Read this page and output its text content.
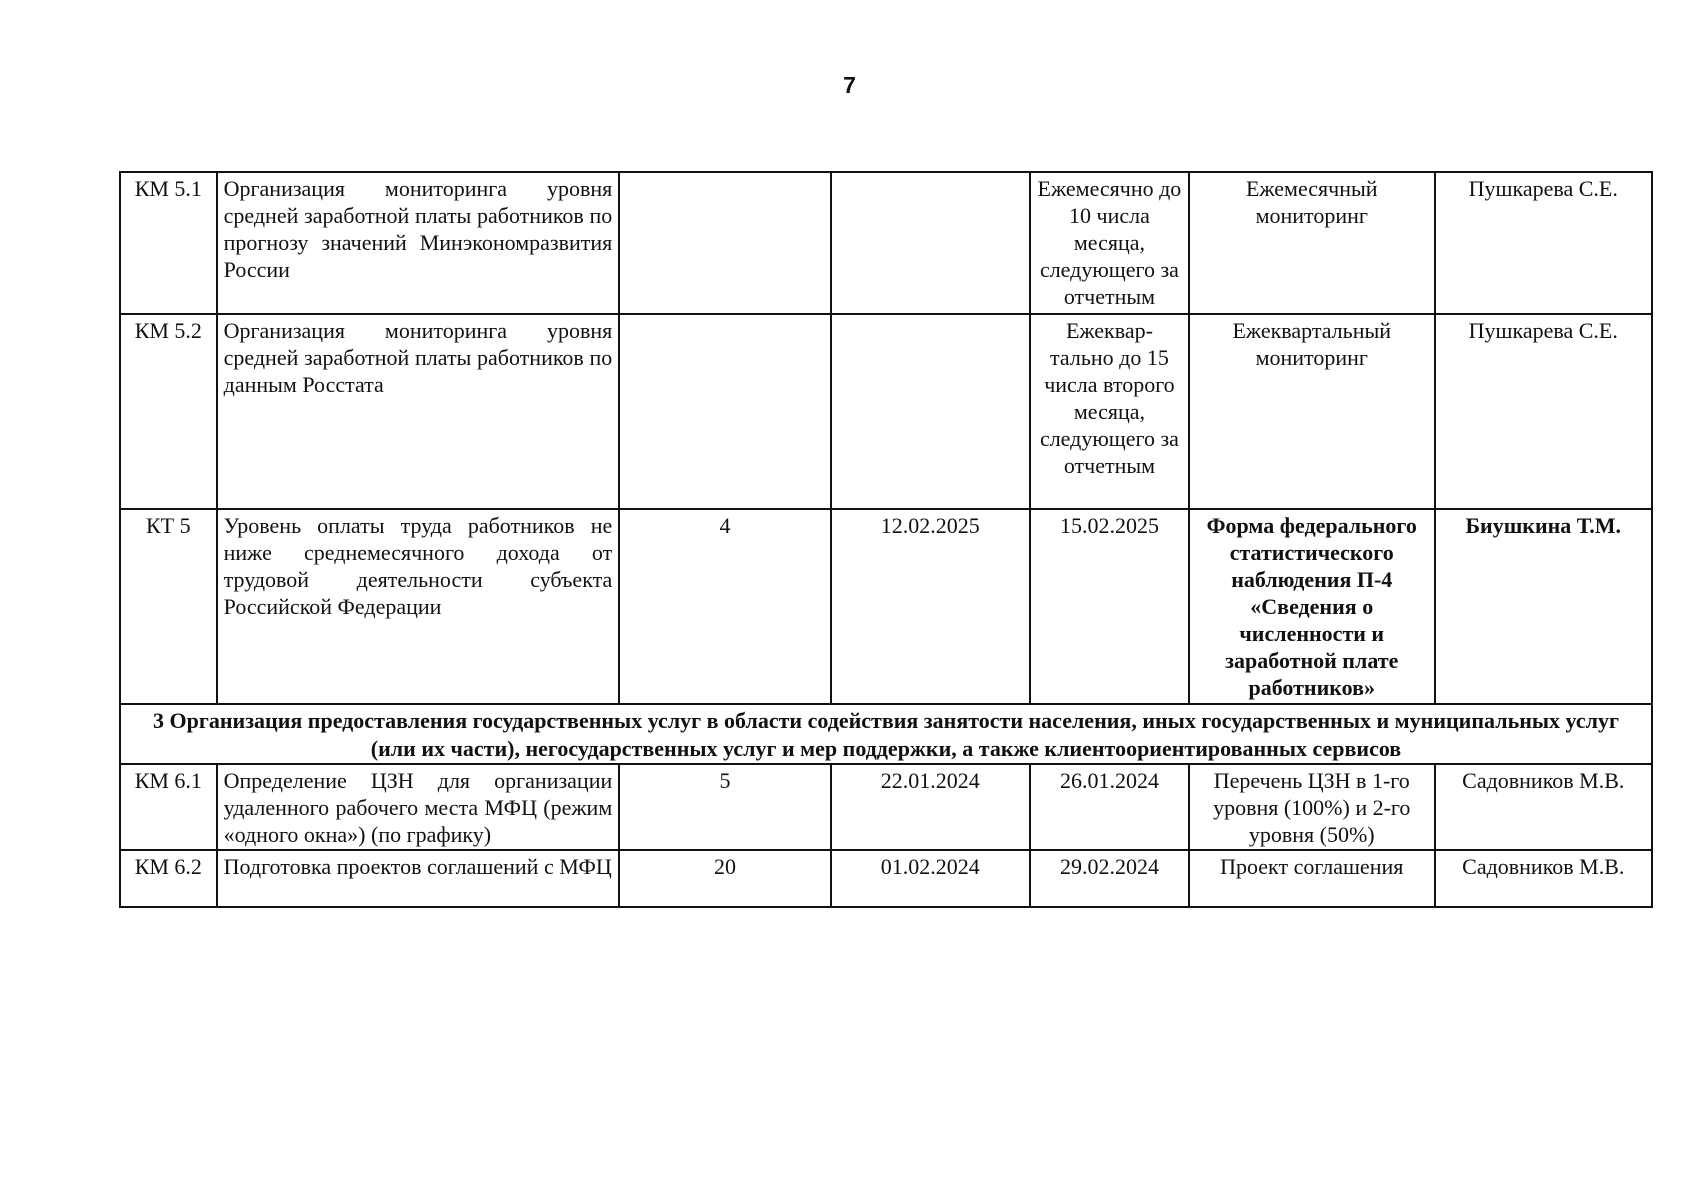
7
КМ 5.1	Организация мониторинга уровня средней заработной платы работников по прогнозу значений Минэкономразвития России			Ежемесячно до 10 числа месяца, следующего за отчетным	Ежемесячный мониторинг	Пушкарева С.Е.
КМ 5.2	Организация мониторинга уровня средней заработной платы работников по данным Росстата			Ежеквар-тально до 15 числа второго месяца, следующего за отчетным	Ежеквартальный мониторинг	Пушкарева С.Е.
КТ 5	Уровень оплаты труда работников не ниже среднемесячного дохода от трудовой деятельности субъекта Российской Федерации	4	12.02.2025	15.02.2025	Форма федерального статистического наблюдения П-4 «Сведения о численности и заработной плате работников»	Биушкина Т.М.
3 Организация предоставления государственных услуг в области содействия занятости населения, иных государственных и муниципальных услуг (или их части), негосударственных услуг и мер поддержки, а также клиентоориентированных сервисов						
КМ 6.1	Определение ЦЗН для организации удаленного рабочего места МФЦ (режим «одного окна») (по графику)	5	22.01.2024	26.01.2024	Перечень ЦЗН в 1-го уровня (100%) и 2-го уровня (50%)	Садовников М.В.
КМ 6.2	Подготовка проектов соглашений с МФЦ	20	01.02.2024	29.02.2024	Проект соглашения	Садовников М.В.
